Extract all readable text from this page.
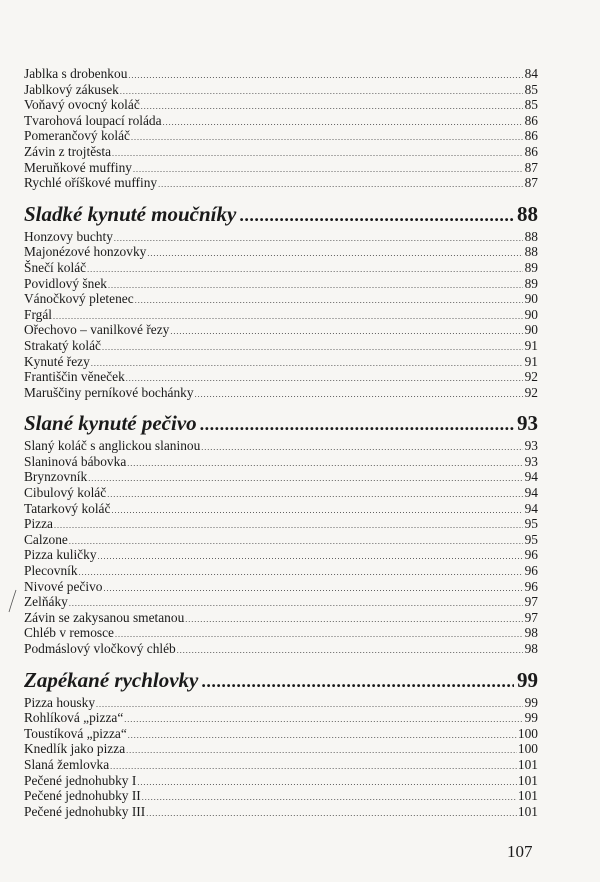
Jablka s drobenkou .....	84
Jablkový zákusek .....	85
Voňavý ovocný koláč .....	85
Tvarohová loupací roláda .....	86
Pomerančový koláč .....	86
Závin z trojtěsta .....	86
Meruňkové muffiny .....	87
Rychlé oříškové muffiny .....	87
Sladké kynuté moučníky .....	88
Honzovy buchty .....	88
Majonézové honzovky .....	88
Šnečí koláč .....	89
Povidlový šnek .....	89
Vánočkový pletenec .....	90
Frgál .....	90
Ořechovo – vanilkové řezy .....	90
Strakatý koláč .....	91
Kynuté řezy .....	91
Františčin věneček .....	92
Maruščiny perníkové bochánky .....	92
Slané kynuté pečivo .....	93
Slaný koláč s anglickou slaninou .....	93
Slaninová bábovka .....	93
Brynzovník .....	94
Cibulový koláč .....	94
Tatarkový koláč .....	94
Pizza .....	95
Calzone .....	95
Pizza kuličky .....	96
Plecovník .....	96
Nivové pečivo .....	96
Zelňáky .....	97
Závin se zakysanou smetanou .....	97
Chléb v remosce .....	98
Podmáslový vločkový chléb .....	98
Zapékané rychlovky .....	99
Pizza housky .....	99
Rohlíková „pizza“ .....	99
Toustíková „pizza“ .....	100
Knedlík jako pizza .....	100
Slaná žemlovka .....	101
Pečené jednohubky I .....	101
Pečené jednohubky II .....	101
Pečené jednohubky III .....	101
107
